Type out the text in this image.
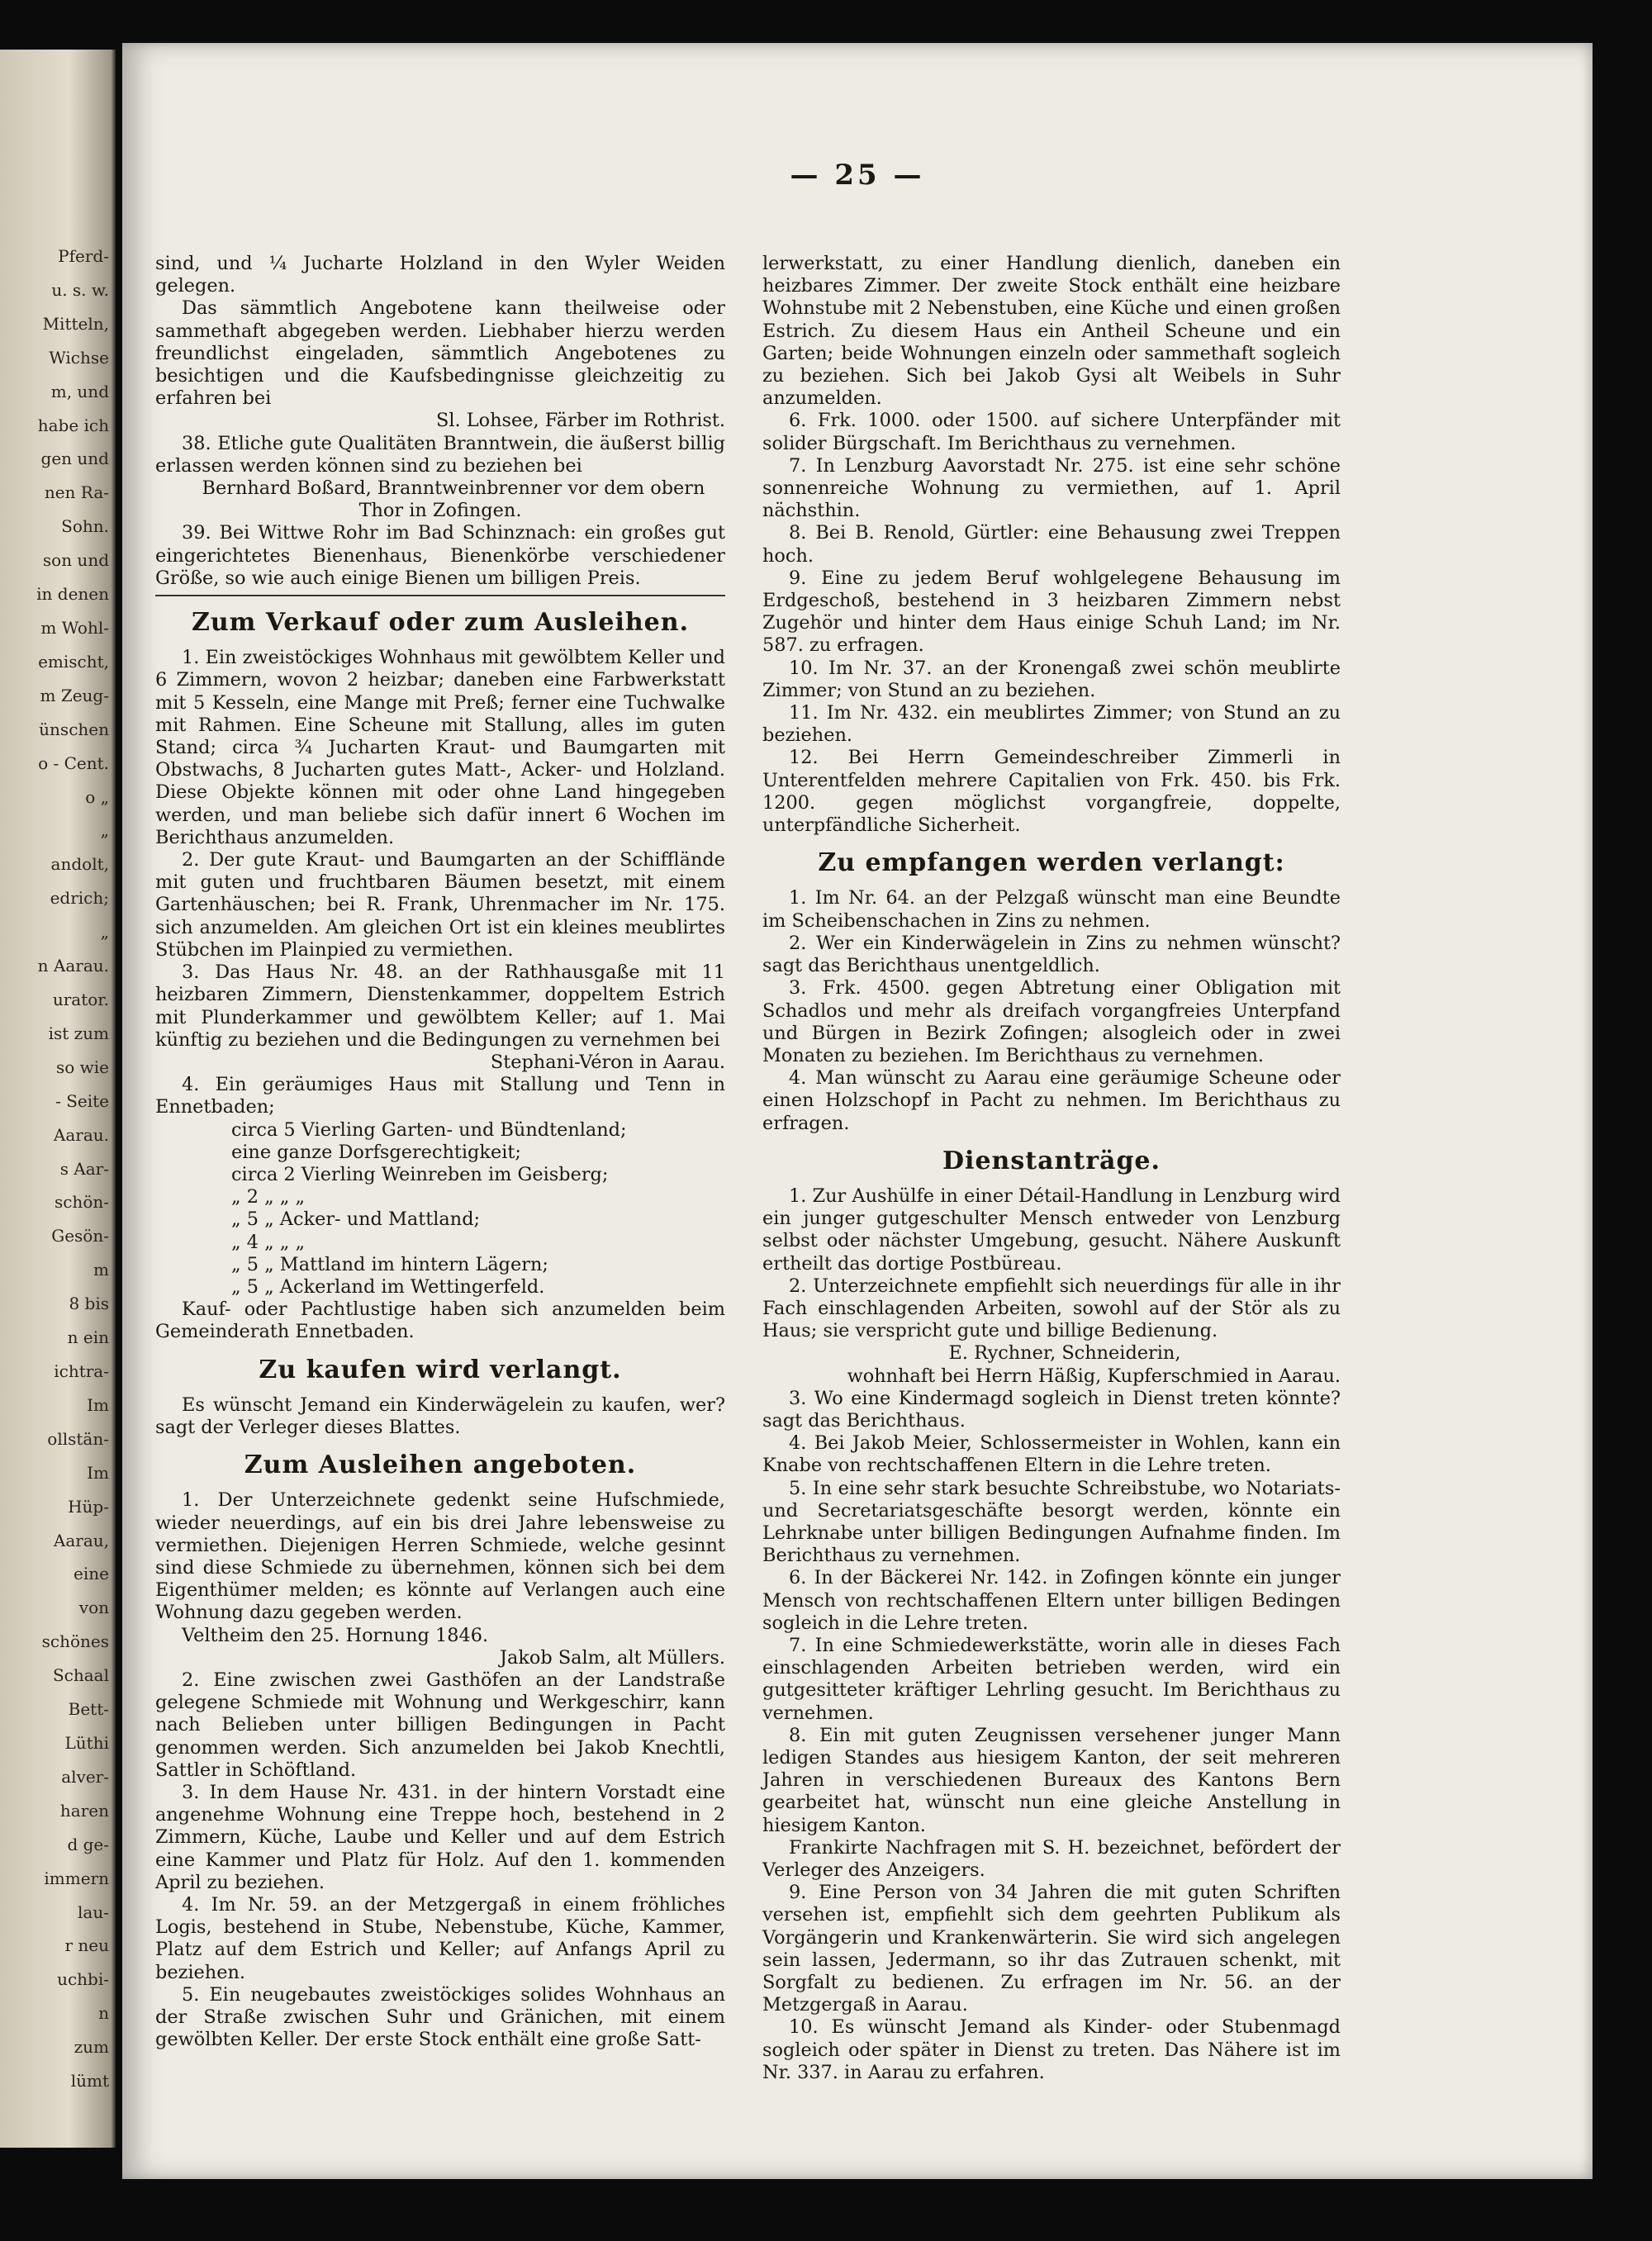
Pferd-
u. s. w.
Mitteln,
Wichse
m, und
habe ich
gen und
nen Ra-
Sohn.
son und
in denen
m Wohl-
emischt,
m Zeug-
ünschen
o - Cent.
o „
„
andolt,
edrich;
„
n Aarau.
urator.
ist zum
so wie
- Seite
Aarau.
s Aar-
schön-
Gesön-
m
8 bis
n ein
ichtra-
Im
ollstän-
Im
Hüp-
Aarau,
eine
von
schönes
Schaal
Bett-
Lüthi
alver-
haren
d ge-
immern
lau-
r neu
uchbi-
n
zum
lümt
— 25 —

sind, und ¼ Jucharte Holzland in den Wyler Weiden gelegen.

Das sämmtlich Angebotene kann theilweise oder sammethaft abgegeben werden. Liebhaber hierzu werden freundlichst eingeladen, sämmtlich Angebotenes zu besichtigen und die Kaufsbedingnisse gleichzeitig zu erfahren bei

Sl. Lohsee, Färber im Rothrist.

38. Etliche gute Qualitäten Branntwein, die äußerst billig erlassen werden können sind zu beziehen bei

Bernhard Boßard, Branntweinbrenner vor dem obern Thor in Zofingen.

39. Bei Wittwe Rohr im Bad Schinznach: ein großes gut eingerichtetes Bienenhaus, Bienenkörbe verschiedener Größe, so wie auch einige Bienen um billigen Preis.

Zum Verkauf oder zum Ausleihen.

1. Ein zweistöckiges Wohnhaus mit gewölbtem Keller und 6 Zimmern, wovon 2 heizbar; daneben eine Farbwerkstatt mit 5 Kesseln, eine Mange mit Preß; ferner eine Tuchwalke mit Rahmen. Eine Scheune mit Stallung, alles im guten Stand; circa ¾ Jucharten Kraut- und Baumgarten mit Obstwachs, 8 Jucharten gutes Matt-, Acker- und Holzland. Diese Objekte können mit oder ohne Land hingegeben werden, und man beliebe sich dafür innert 6 Wochen im Berichthaus anzumelden.

2. Der gute Kraut- und Baumgarten an der Schifflände mit guten und fruchtbaren Bäumen besetzt, mit einem Gartenhäuschen; bei R. Frank, Uhrenmacher im Nr. 175. sich anzumelden. Am gleichen Ort ist ein kleines meublirtes Stübchen im Plainpied zu vermiethen.

3. Das Haus Nr. 48. an der Rathhausgaße mit 11 heizbaren Zimmern, Dienstenkammer, doppeltem Estrich mit Plunderkammer und gewölbtem Keller; auf 1. Mai künftig zu beziehen und die Bedingungen zu vernehmen bei

Stephani-Véron in Aarau.

4. Ein geräumiges Haus mit Stallung und Tenn in Ennetbaden;

circa 5 Vierling Garten- und Bündtenland;

eine ganze Dorfsgerechtigkeit;

circa 2 Vierling Weinreben im Geisberg;

„ 2 „ „ „

„ 5 „ Acker- und Mattland;

„ 4 „ „ „

„ 5 „ Mattland im hintern Lägern;

„ 5 „ Ackerland im Wettingerfeld.

Kauf- oder Pachtlustige haben sich anzumelden beim Gemeinderath Ennetbaden.

Zu kaufen wird verlangt.

Es wünscht Jemand ein Kinderwägelein zu kaufen, wer? sagt der Verleger dieses Blattes.

Zum Ausleihen angeboten.

1. Der Unterzeichnete gedenkt seine Hufschmiede, wieder neuerdings, auf ein bis drei Jahre lebensweise zu vermiethen. Diejenigen Herren Schmiede, welche gesinnt sind diese Schmiede zu übernehmen, können sich bei dem Eigenthümer melden; es könnte auf Verlangen auch eine Wohnung dazu gegeben werden.

Veltheim den 25. Hornung 1846.

Jakob Salm, alt Müllers.

2. Eine zwischen zwei Gasthöfen an der Landstraße gelegene Schmiede mit Wohnung und Werkgeschirr, kann nach Belieben unter billigen Bedingungen in Pacht genommen werden. Sich anzumelden bei Jakob Knechtli, Sattler in Schöftland.

3. In dem Hause Nr. 431. in der hintern Vorstadt eine angenehme Wohnung eine Treppe hoch, bestehend in 2 Zimmern, Küche, Laube und Keller und auf dem Estrich eine Kammer und Platz für Holz. Auf den 1. kommenden April zu beziehen.

4. Im Nr. 59. an der Metzgergaß in einem fröhliches Logis, bestehend in Stube, Nebenstube, Küche, Kammer, Platz auf dem Estrich und Keller; auf Anfangs April zu beziehen.

5. Ein neugebautes zweistöckiges solides Wohnhaus an der Straße zwischen Suhr und Gränichen, mit einem gewölbten Keller. Der erste Stock enthält eine große Satt-

lerwerkstatt, zu einer Handlung dienlich, daneben ein heizbares Zimmer. Der zweite Stock enthält eine heizbare Wohnstube mit 2 Nebenstuben, eine Küche und einen großen Estrich. Zu diesem Haus ein Antheil Scheune und ein Garten; beide Wohnungen einzeln oder sammethaft sogleich zu beziehen. Sich bei Jakob Gysi alt Weibels in Suhr anzumelden.

6. Frk. 1000. oder 1500. auf sichere Unterpfänder mit solider Bürgschaft. Im Berichthaus zu vernehmen.

7. In Lenzburg Aavorstadt Nr. 275. ist eine sehr schöne sonnenreiche Wohnung zu vermiethen, auf 1. April nächsthin.

8. Bei B. Renold, Gürtler: eine Behausung zwei Treppen hoch.

9. Eine zu jedem Beruf wohlgelegene Behausung im Erdgeschoß, bestehend in 3 heizbaren Zimmern nebst Zugehör und hinter dem Haus einige Schuh Land; im Nr. 587. zu erfragen.

10. Im Nr. 37. an der Kronengaß zwei schön meublirte Zimmer; von Stund an zu beziehen.

11. Im Nr. 432. ein meublirtes Zimmer; von Stund an zu beziehen.

12. Bei Herrn Gemeindeschreiber Zimmerli in Unterentfelden mehrere Capitalien von Frk. 450. bis Frk. 1200. gegen möglichst vorgangfreie, doppelte, unterpfändliche Sicherheit.

Zu empfangen werden verlangt:

1. Im Nr. 64. an der Pelzgaß wünscht man eine Beundte im Scheibenschachen in Zins zu nehmen.

2. Wer ein Kinderwägelein in Zins zu nehmen wünscht? sagt das Berichthaus unentgeldlich.

3. Frk. 4500. gegen Abtretung einer Obligation mit Schadlos und mehr als dreifach vorgangfreies Unterpfand und Bürgen in Bezirk Zofingen; alsogleich oder in zwei Monaten zu beziehen. Im Berichthaus zu vernehmen.

4. Man wünscht zu Aarau eine geräumige Scheune oder einen Holzschopf in Pacht zu nehmen. Im Berichthaus zu erfragen.

Dienstanträge.

1. Zur Aushülfe in einer Détail-Handlung in Lenzburg wird ein junger gutgeschulter Mensch entweder von Lenzburg selbst oder nächster Umgebung, gesucht. Nähere Auskunft ertheilt das dortige Postbüreau.

2. Unterzeichnete empfiehlt sich neuerdings für alle in ihr Fach einschlagenden Arbeiten, sowohl auf der Stör als zu Haus; sie verspricht gute und billige Bedienung.

E. Rychner, Schneiderin,

wohnhaft bei Herrn Häßig, Kupferschmied in Aarau.

3. Wo eine Kindermagd sogleich in Dienst treten könnte? sagt das Berichthaus.

4. Bei Jakob Meier, Schlossermeister in Wohlen, kann ein Knabe von rechtschaffenen Eltern in die Lehre treten.

5. In eine sehr stark besuchte Schreibstube, wo Notariats- und Secretariatsgeschäfte besorgt werden, könnte ein Lehrknabe unter billigen Bedingungen Aufnahme finden. Im Berichthaus zu vernehmen.

6. In der Bäckerei Nr. 142. in Zofingen könnte ein junger Mensch von rechtschaffenen Eltern unter billigen Bedingen sogleich in die Lehre treten.

7. In eine Schmiedewerkstätte, worin alle in dieses Fach einschlagenden Arbeiten betrieben werden, wird ein gutgesitteter kräftiger Lehrling gesucht. Im Berichthaus zu vernehmen.

8. Ein mit guten Zeugnissen versehener junger Mann ledigen Standes aus hiesigem Kanton, der seit mehreren Jahren in verschiedenen Bureaux des Kantons Bern gearbeitet hat, wünscht nun eine gleiche Anstellung in hiesigem Kanton.

Frankirte Nachfragen mit S. H. bezeichnet, befördert der Verleger des Anzeigers.

9. Eine Person von 34 Jahren die mit guten Schriften versehen ist, empfiehlt sich dem geehrten Publikum als Vorgängerin und Krankenwärterin. Sie wird sich angelegen sein lassen, Jedermann, so ihr das Zutrauen schenkt, mit Sorgfalt zu bedienen. Zu erfragen im Nr. 56. an der Metzgergaß in Aarau.

10. Es wünscht Jemand als Kinder- oder Stubenmagd sogleich oder später in Dienst zu treten. Das Nähere ist im Nr. 337. in Aarau zu erfahren.
